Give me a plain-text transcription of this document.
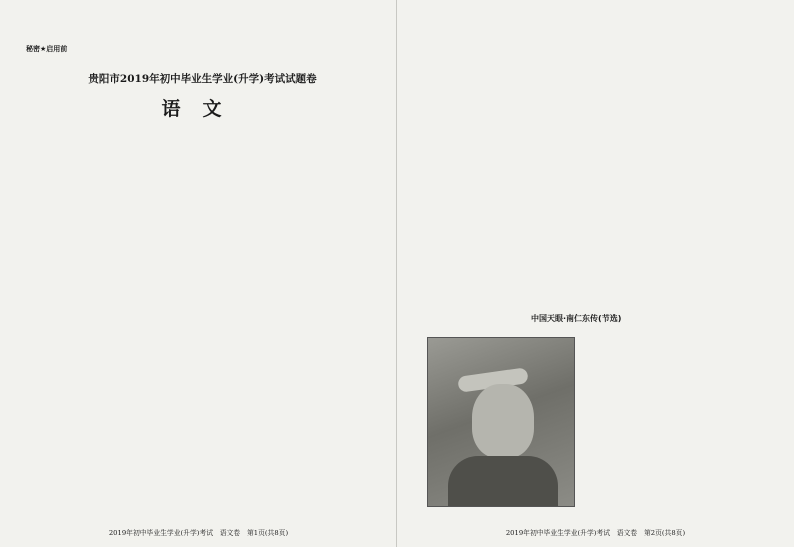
秘密★启用前
贵阳市2019年初中毕业生学业(升学)考试试题卷
语文
2019年初中毕业生学业(升学)考试　语文卷　第1页(共8页)
中国天眼·南仁东传(节选)
2019年初中毕业生学业(升学)考试　语文卷　第2页(共8页)
